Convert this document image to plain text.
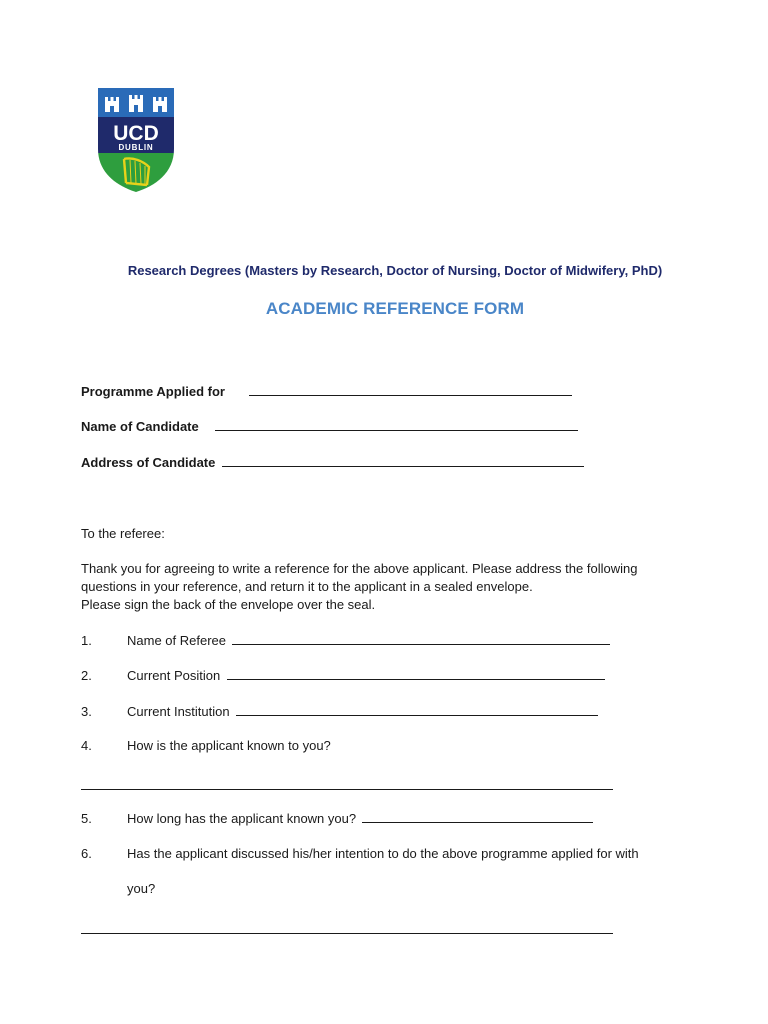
UCD
DUBLIN
Research Degrees (Masters by Research, Doctor of Nursing, Doctor of Midwifery, PhD)
ACADEMIC REFERENCE FORM
Programme Applied for
Name of Candidate
Address of Candidate
To the referee:
Thank you for agreeing to write a reference for the above applicant. Please address the following
questions in your reference, and return it to the applicant in a sealed envelope.
Please sign the back of the envelope over the seal.
1.	Name of Referee
2.	Current Position
3.	Current Institution
4.	How is the applicant known to you?
5.	How long has the applicant known you?
6.	Has the applicant discussed his/her intention to do the above programme applied for with
you?
